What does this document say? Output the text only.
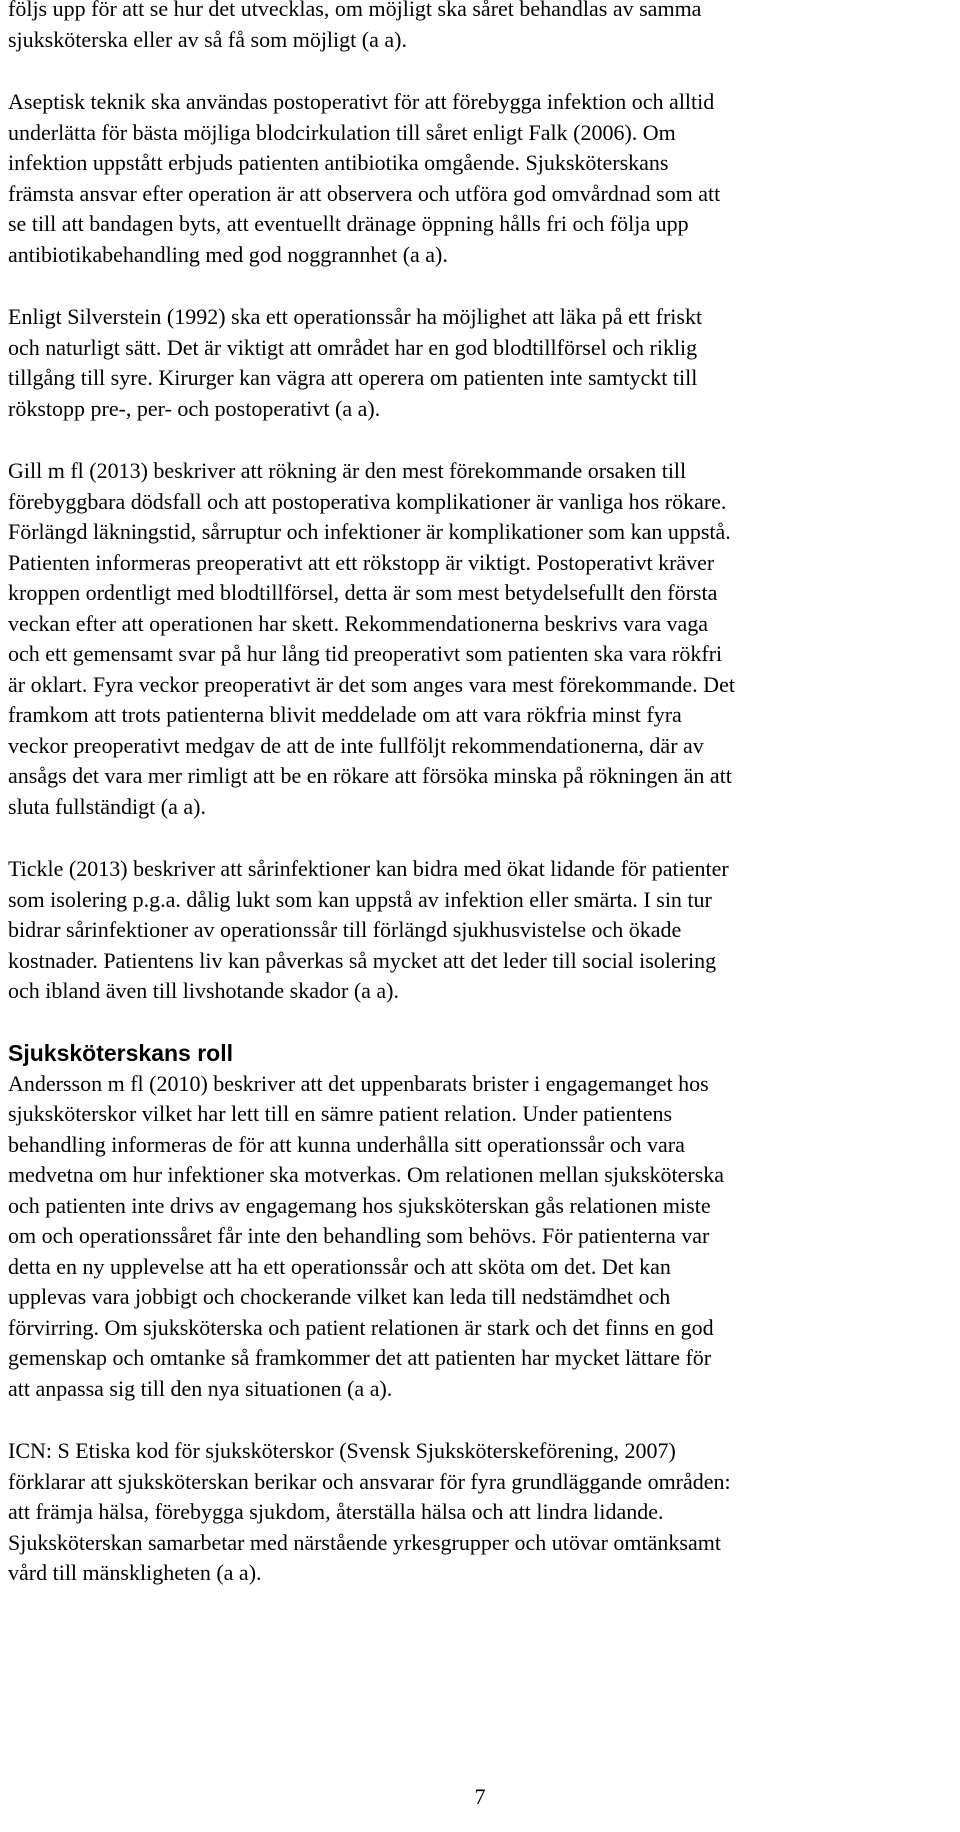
följs upp för att se hur det utvecklas, om möjligt ska såret behandlas av samma
sjuksköterska eller av så få som möjligt (a a).

Aseptisk teknik ska användas postoperativt för att förebygga infektion och alltid
underlätta för bästa möjliga blodcirkulation till såret enligt Falk (2006). Om
infektion uppstått erbjuds patienten antibiotika omgående. Sjuksköterskans
främsta ansvar efter operation är att observera och utföra god omvårdnad som att
se till att bandagen byts, att eventuellt dränage öppning hålls fri och följa upp
antibiotikabehandling med god noggrannhet (a a).

Enligt Silverstein (1992) ska ett operationssår ha möjlighet att läka på ett friskt
och naturligt sätt. Det är viktigt att området har en god blodtillförsel och riklig
tillgång till syre. Kirurger kan vägra att operera om patienten inte samtyckt till
rökstopp pre-, per- och postoperativt (a a).

Gill m fl (2013) beskriver att rökning är den mest förekommande orsaken till
förebyggbara dödsfall och att postoperativa komplikationer är vanliga hos rökare.
Förlängd läkningstid, sårruptur och infektioner är komplikationer som kan uppstå.
Patienten informeras preoperativt att ett rökstopp är viktigt. Postoperativt kräver
kroppen ordentligt med blodtillförsel, detta är som mest betydelsefullt den första
veckan efter att operationen har skett. Rekommendationerna beskrivs vara vaga
och ett gemensamt svar på hur lång tid preoperativt som patienten ska vara rökfri
är oklart. Fyra veckor preoperativt är det som anges vara mest förekommande. Det
framkom att trots patienterna blivit meddelade om att vara rökfria minst fyra
veckor preoperativt medgav de att de inte fullföljt rekommendationerna, där av
ansågs det vara mer rimligt att be en rökare att försöka minska på rökningen än att
sluta fullständigt (a a).

Tickle (2013) beskriver att sårinfektioner kan bidra med ökat lidande för patienter
som isolering p.g.a. dålig lukt som kan uppstå av infektion eller smärta. I sin tur
bidrar sårinfektioner av operationssår till förlängd sjukhusvistelse och ökade
kostnader. Patientens liv kan påverkas så mycket att det leder till social isolering
och ibland även till livshotande skador (a a).

Sjuksköterskans roll

Andersson m fl (2010) beskriver att det uppenbarats brister i engagemanget hos
sjuksköterskor vilket har lett till en sämre patient relation. Under patientens
behandling informeras de för att kunna underhålla sitt operationssår och vara
medvetna om hur infektioner ska motverkas. Om relationen mellan sjuksköterska
och patienten inte drivs av engagemang hos sjuksköterskan gås relationen miste
om och operationssåret får inte den behandling som behövs. För patienterna var
detta en ny upplevelse att ha ett operationssår och att sköta om det. Det kan
upplevas vara jobbigt och chockerande vilket kan leda till nedstämdhet och
förvirring. Om sjuksköterska och patient relationen är stark och det finns en god
gemenskap och omtanke så framkommer det att patienten har mycket lättare för
att anpassa sig till den nya situationen (a a).

ICN: S Etiska kod för sjuksköterskor (Svensk Sjuksköterskeförening, 2007)
förklarar att sjuksköterskan berikar och ansvarar för fyra grundläggande områden:
att främja hälsa, förebygga sjukdom, återställa hälsa och att lindra lidande.
Sjuksköterskan samarbetar med närstående yrkesgrupper och utövar omtänksamt
vård till mänskligheten (a a).

7
